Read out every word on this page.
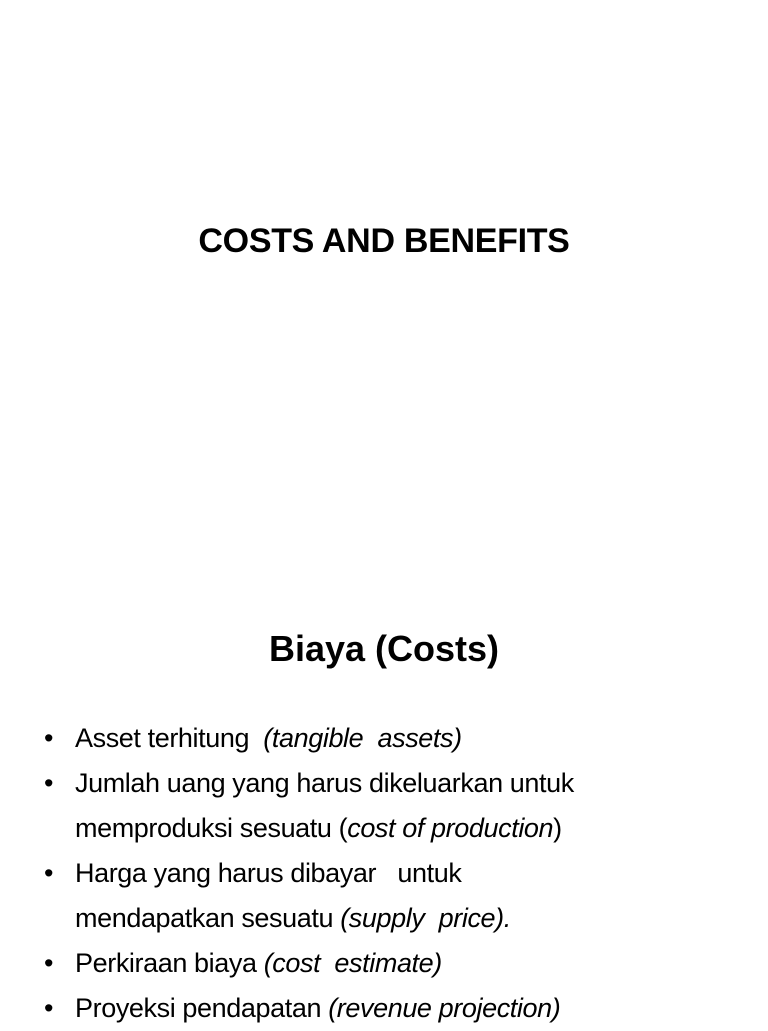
COSTS AND BENEFITS
Biaya (Costs)
• Asset terhitung  (tangible  assets)
• Jumlah uang yang harus dikeluarkan untuk memproduksi sesuatu (cost of production)
• Harga yang harus dibayar   untuk mendapatkan sesuatu (supply  price).
• Perkiraan biaya (cost  estimate)
• Proyeksi pendapatan (revenue projection)
